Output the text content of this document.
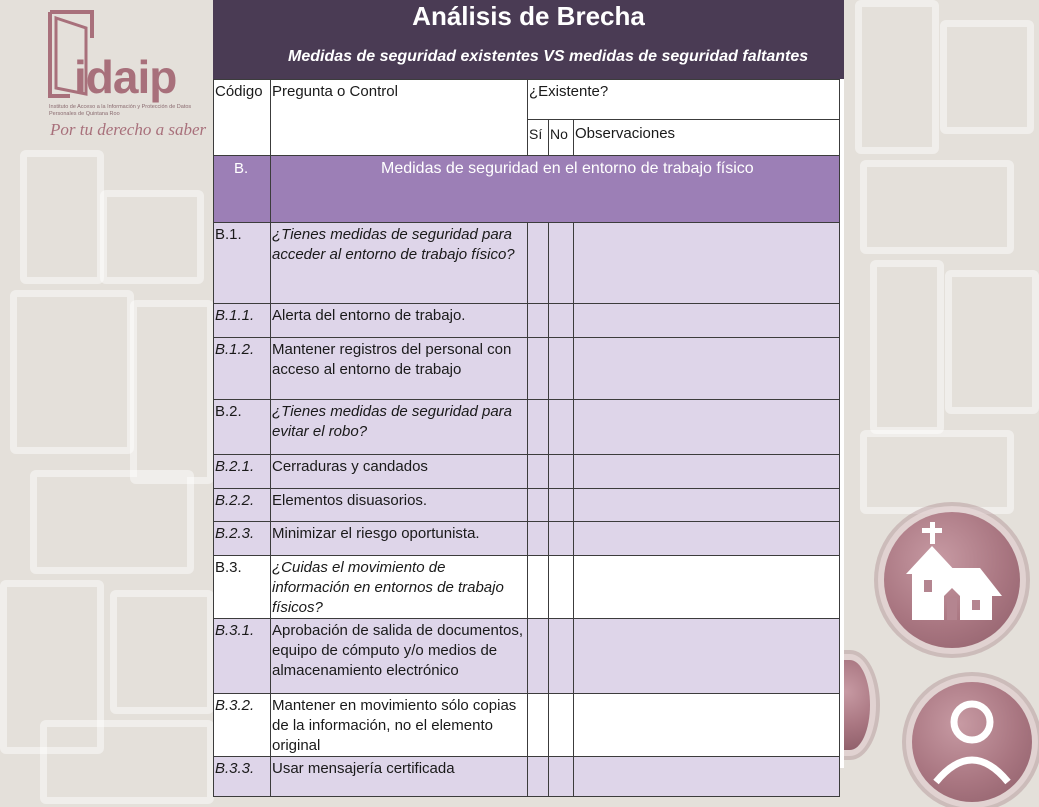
idaip
Instituto de Acceso a la Información y Protección de Datos Personales de Quintana Roo
Por tu derecho a saber
Análisis de Brecha
Medidas de seguridad existentes VS medidas de seguridad faltantes
Código	Pregunta o Control	¿Existente?		
		Sí	No	Observaciones
B.	Medidas de seguridad en el entorno de trabajo físico			
B.1.	¿Tienes medidas de seguridad para acceder al entorno de trabajo físico?			
B.1.1.	Alerta del entorno de trabajo.			
B.1.2.	Mantener registros del personal con acceso al entorno de trabajo			
B.2.	¿Tienes medidas de seguridad para evitar el robo?			
B.2.1.	Cerraduras y candados			
B.2.2.	Elementos disuasorios.			
B.2.3.	Minimizar el riesgo oportunista.			
B.3.	¿Cuidas el movimiento de información en entornos de trabajo físicos?			
B.3.1.	Aprobación de salida de documentos, equipo de cómputo y/o medios de almacenamiento electrónico			
B.3.2.	Mantener en movimiento sólo copias de la información, no el elemento original			
B.3.3.	Usar mensajería certificada			
